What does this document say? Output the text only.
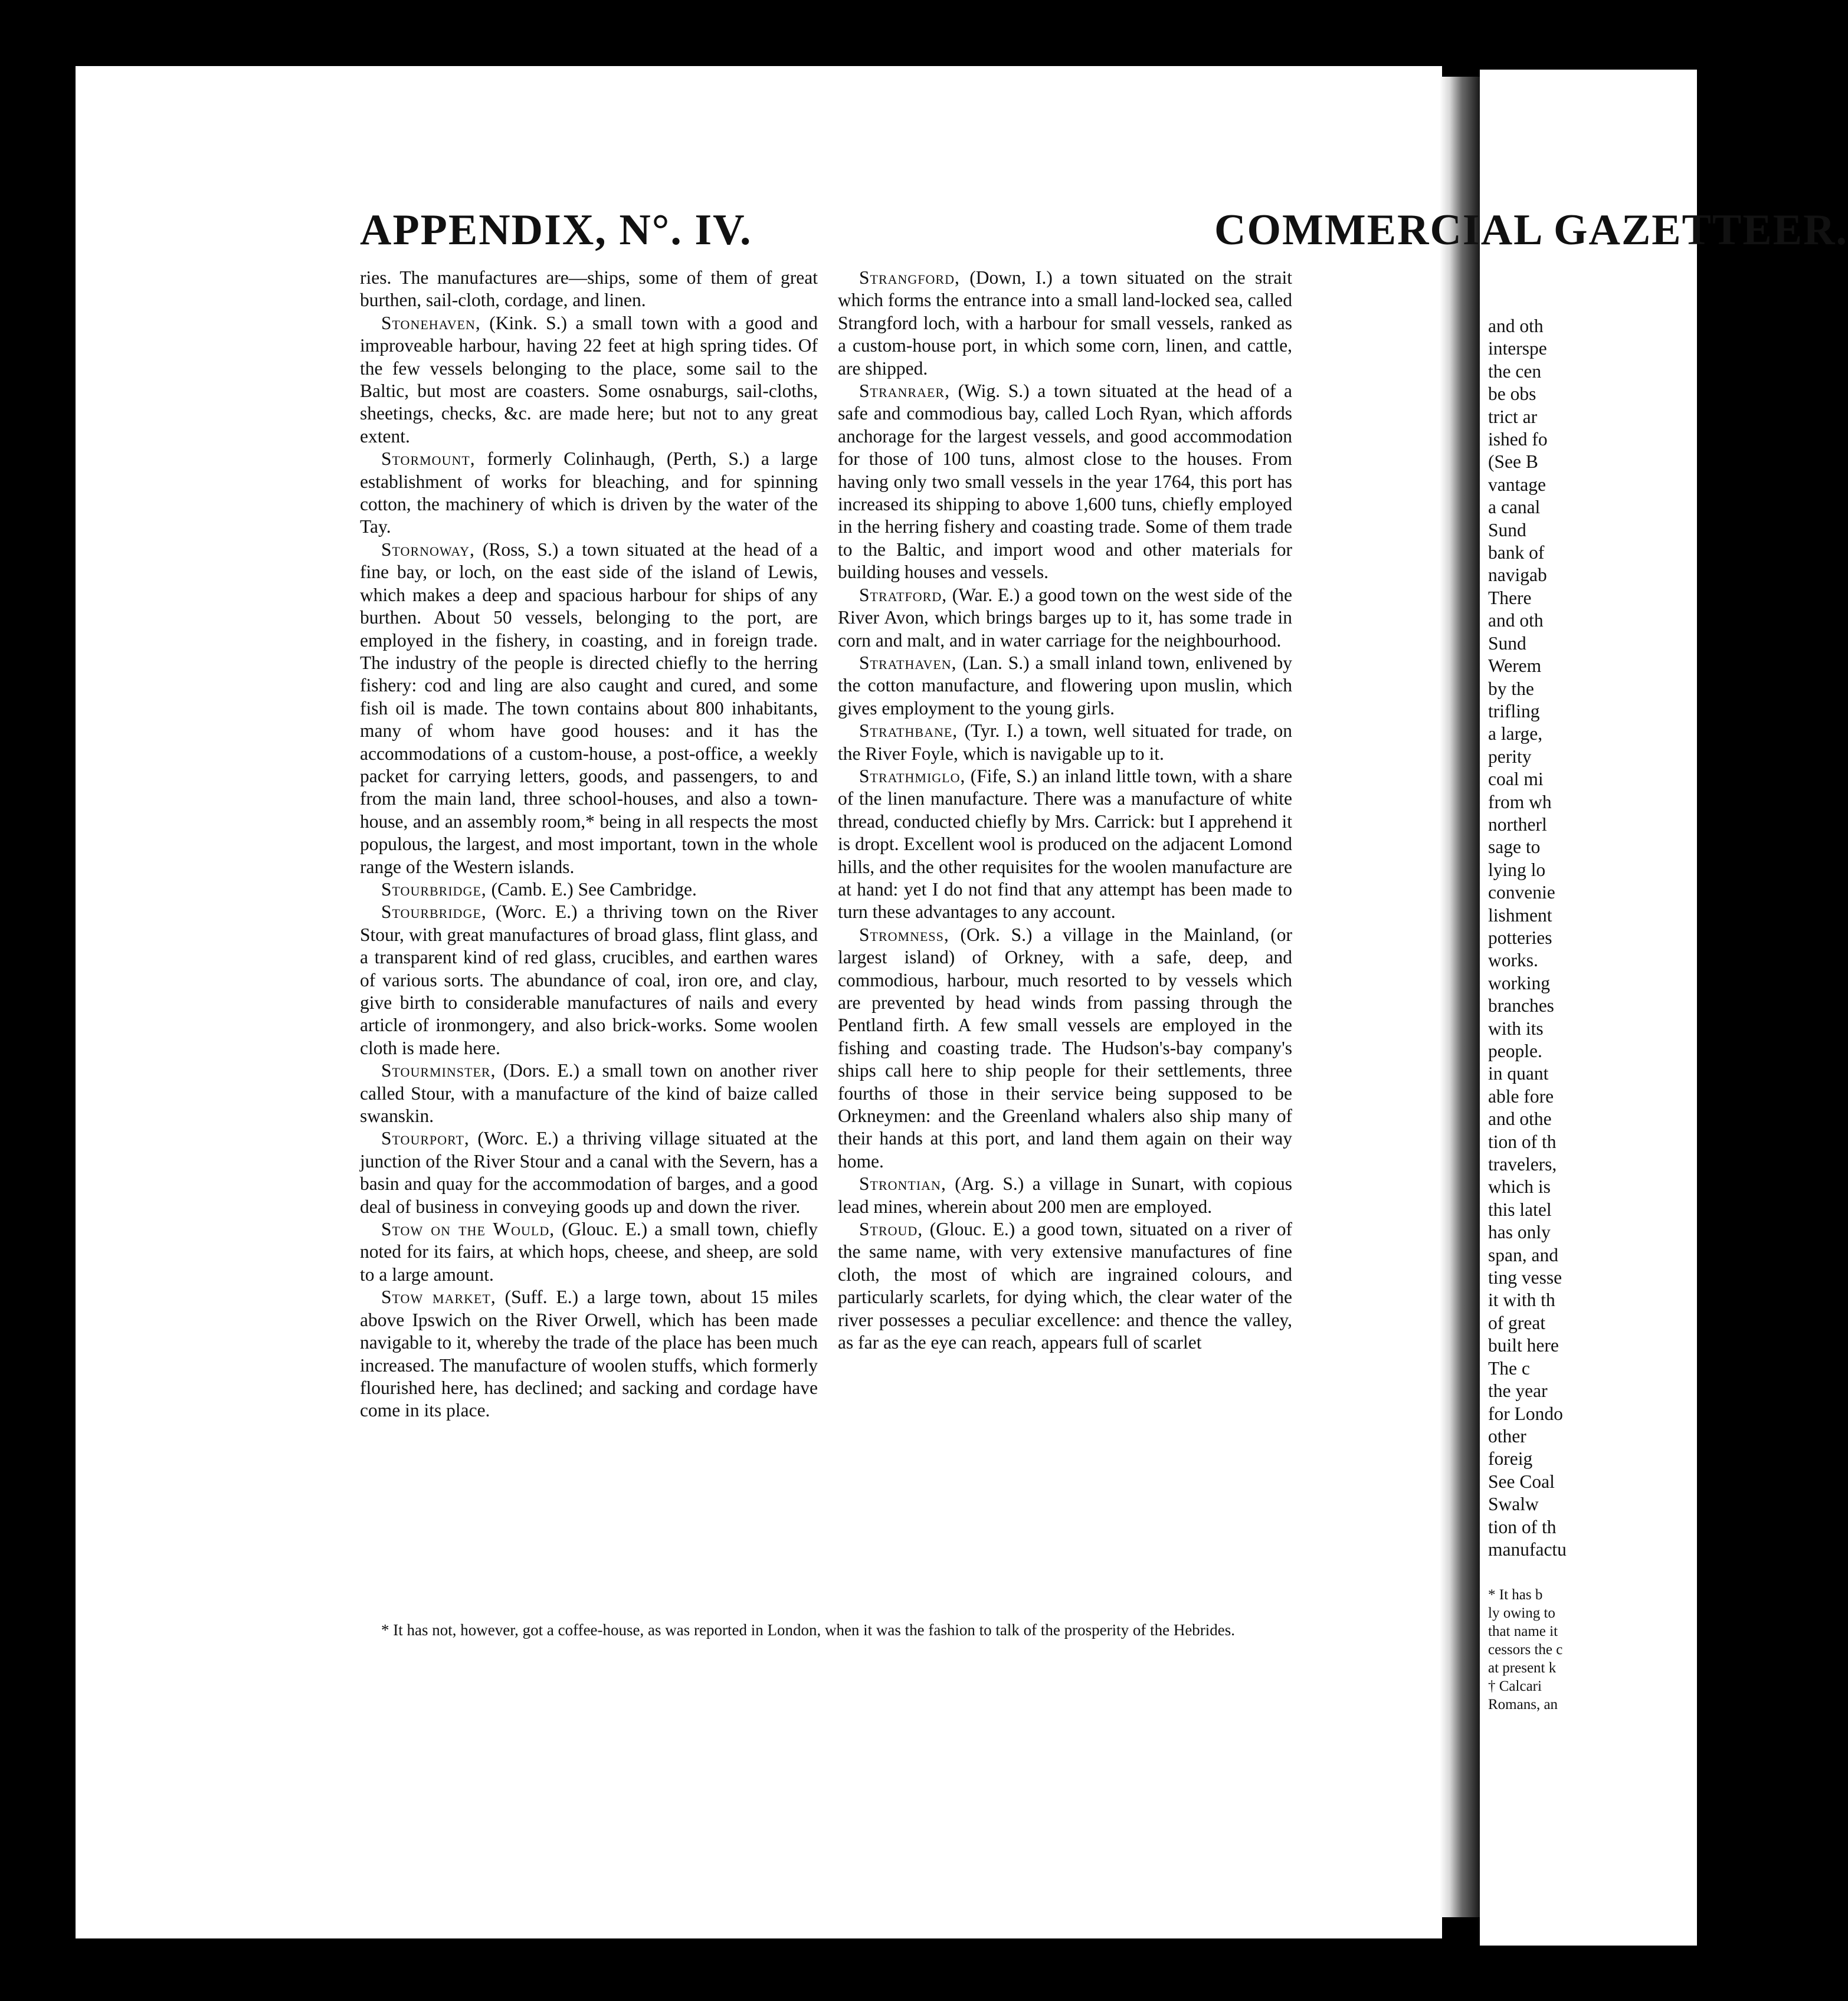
APPENDIX, N°. IV.	COMMERCIAL GAZETTEER.

ries. The manufactures are—ships, some of them of great burthen, sail-cloth, cordage, and linen.

Stonehaven, (Kink. S.) a small town with a good and improveable harbour, having 22 feet at high spring tides. Of the few vessels belonging to the place, some sail to the Baltic, but most are coasters. Some osnaburgs, sail-cloths, sheetings, checks, &c. are made here; but not to any great extent.

Stormount, formerly Colinhaugh, (Perth, S.) a large establishment of works for bleaching, and for spinning cotton, the machinery of which is driven by the water of the Tay.

Stornoway, (Ross, S.) a town situated at the head of a fine bay, or loch, on the east side of the island of Lewis, which makes a deep and spacious harbour for ships of any burthen. About 50 vessels, belonging to the port, are employed in the fishery, in coasting, and in foreign trade. The industry of the people is directed chiefly to the herring fishery: cod and ling are also caught and cured, and some fish oil is made. The town contains about 800 inhabitants, many of whom have good houses: and it has the accommodations of a custom-house, a post-office, a weekly packet for carrying letters, goods, and passengers, to and from the main land, three school-houses, and also a town-house, and an assembly room,* being in all respects the most populous, the largest, and most important, town in the whole range of the Western islands.

Stourbridge, (Camb. E.) See Cambridge.

Stourbridge, (Worc. E.) a thriving town on the River Stour, with great manufactures of broad glass, flint glass, and a transparent kind of red glass, crucibles, and earthen wares of various sorts. The abundance of coal, iron ore, and clay, give birth to considerable manufactures of nails and every article of ironmongery, and also brick-works. Some woolen cloth is made here.

Stourminster, (Dors. E.) a small town on another river called Stour, with a manufacture of the kind of baize called swanskin.

Stourport, (Worc. E.) a thriving village situated at the junction of the River Stour and a canal with the Severn, has a basin and quay for the accommodation of barges, and a good deal of business in conveying goods up and down the river.

Stow on the Would, (Glouc. E.) a small town, chiefly noted for its fairs, at which hops, cheese, and sheep, are sold to a large amount.

Stow market, (Suff. E.) a large town, about 15 miles above Ipswich on the River Orwell, which has been made navigable to it, whereby the trade of the place has been much increased. The manufacture of woolen stuffs, which formerly flourished here, has declined; and sacking and cordage have come in its place.

Strangford, (Down, I.) a town situated on the strait which forms the entrance into a small land-locked sea, called Strangford loch, with a harbour for small vessels, ranked as a custom-house port, in which some corn, linen, and cattle, are shipped.

Stranraer, (Wig. S.) a town situated at the head of a safe and commodious bay, called Loch Ryan, which affords anchorage for the largest vessels, and good accommodation for those of 100 tuns, almost close to the houses. From having only two small vessels in the year 1764, this port has increased its shipping to above 1,600 tuns, chiefly employed in the herring fishery and coasting trade. Some of them trade to the Baltic, and import wood and other materials for building houses and vessels.

Stratford, (War. E.) a good town on the west side of the River Avon, which brings barges up to it, has some trade in corn and malt, and in water carriage for the neighbourhood.

Strathaven, (Lan. S.) a small inland town, enlivened by the cotton manufacture, and flowering upon muslin, which gives employment to the young girls.

Strathbane, (Tyr. I.) a town, well situated for trade, on the River Foyle, which is navigable up to it.

Strathmiglo, (Fife, S.) an inland little town, with a share of the linen manufacture. There was a manufacture of white thread, conducted chiefly by Mrs. Carrick: but I apprehend it is dropt. Excellent wool is produced on the adjacent Lomond hills, and the other requisites for the woolen manufacture are at hand: yet I do not find that any attempt has been made to turn these advantages to any account.

Stromness, (Ork. S.) a village in the Mainland, (or largest island) of Orkney, with a safe, deep, and commodious, harbour, much resorted to by vessels which are prevented by head winds from passing through the Pentland firth. A few small vessels are employed in the fishing and coasting trade. The Hudson's-bay company's ships call here to ship people for their settlements, three fourths of those in their service being supposed to be Orkneymen: and the Greenland whalers also ship many of their hands at this port, and land them again on their way home.

Strontian, (Arg. S.) a village in Sunart, with copious lead mines, wherein about 200 men are employed.

Stroud, (Glouc. E.) a good town, situated on a river of the same name, with very extensive manufactures of fine cloth, the most of which are ingrained colours, and particularly scarlets, for dying which, the clear water of the river possesses a peculiar excellence: and thence the valley, as far as the eye can reach, appears full of scarlet

and oth

interspe

the cen

be obs

trict ar

ished fo

(See B

vantage

a canal

Sund

bank of

navigab

There

and oth

Sund

Werem

by the

trifling

a large,

perity

coal mi

from wh

northerl

sage to

lying lo

convenie

lishment

potteries

works.

working

branches

with its

people.

in quant

able fore

and othe

tion of th

travelers,

which is

this latel

has only

span, and

ting vesse

it with th

of great

built here

The c

the year

for Londo

other

foreig

See Coal

Swalw

tion of th

manufactu

* It has not, however, got a coffee-house, as was reported in London, when it was the fashion to talk of the prosperity of the Hebrides.

* It has b

ly owing to

that name it

cessors the c

at present k

† Calcari

Romans, an
